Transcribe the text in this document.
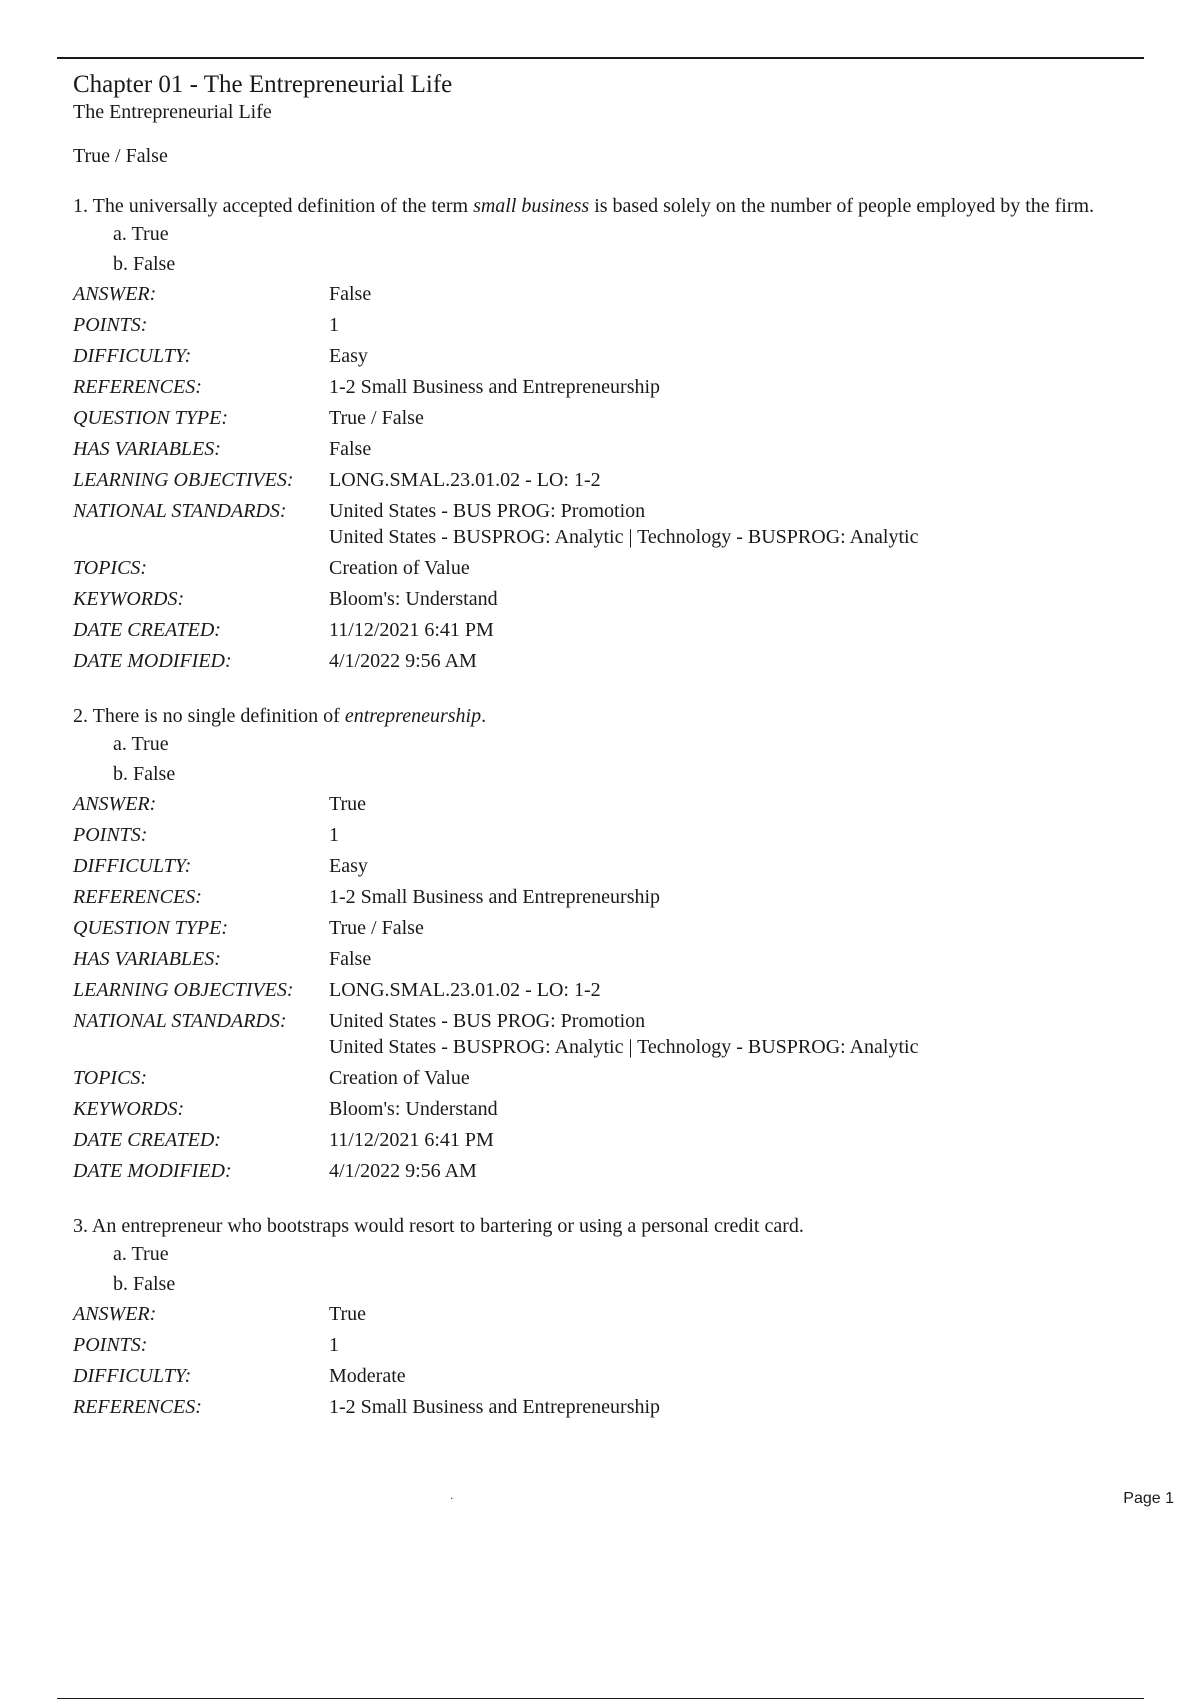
Chapter 01 - The Entrepreneurial Life
The Entrepreneurial Life
True / False

1. The universally accepted definition of the term small business is based solely on the number of people employed by the firm.

a. True
b. False
ANSWER:	False
POINTS:	1
DIFFICULTY:	Easy
REFERENCES:	1-2 Small Business and Entrepreneurship
QUESTION TYPE:	True / False
HAS VARIABLES:	False
LEARNING OBJECTIVES:	LONG.SMAL.23.01.02 - LO: 1-2
NATIONAL STANDARDS:	United States - BUS PROG: Promotion
United States - BUSPROG: Analytic | Technology - BUSPROG: Analytic
TOPICS:	Creation of Value
KEYWORDS:	Bloom's: Understand
DATE CREATED:	11/12/2021 6:41 PM
DATE MODIFIED:	4/1/2022 9:56 AM

2. There is no single definition of entrepreneurship.

a. True
b. False
ANSWER:	True
POINTS:	1
DIFFICULTY:	Easy
REFERENCES:	1-2 Small Business and Entrepreneurship
QUESTION TYPE:	True / False
HAS VARIABLES:	False
LEARNING OBJECTIVES:	LONG.SMAL.23.01.02 - LO: 1-2
NATIONAL STANDARDS:	United States - BUS PROG: Promotion
United States - BUSPROG: Analytic | Technology - BUSPROG: Analytic
TOPICS:	Creation of Value
KEYWORDS:	Bloom's: Understand
DATE CREATED:	11/12/2021 6:41 PM
DATE MODIFIED:	4/1/2022 9:56 AM

3. An entrepreneur who bootstraps would resort to bartering or using a personal credit card.

a. True
b. False
ANSWER:	True
POINTS:	1
DIFFICULTY:	Moderate
REFERENCES:	1-2 Small Business and Entrepreneurship
.	Page 1
